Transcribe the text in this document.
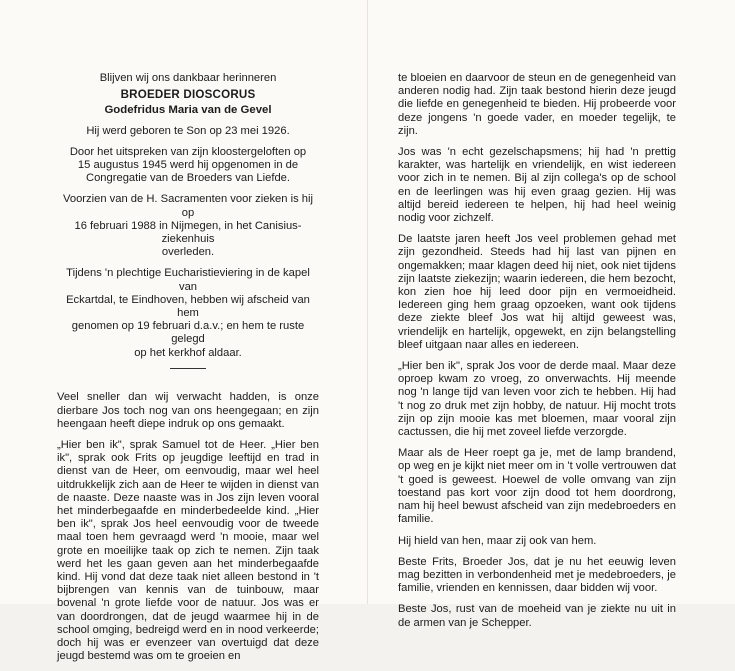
Blijven wij ons dankbaar herinneren

BROEDER DIOSCORUS

Godefridus Maria van de Gevel

Hij werd geboren te Son op 23 mei 1926.

Door het uitspreken van zijn kloostergeloften op
15 augustus 1945 werd hij opgenomen in de
Congregatie van de Broeders van Liefde.

Voorzien van de H. Sacramenten voor zieken is hij op
16 februari 1988 in Nijmegen, in het Canisius-ziekenhuis
overleden.

Tijdens 'n plechtige Eucharistieviering in de kapel van
Eckartdal, te Eindhoven, hebben wij afscheid van hem
genomen op 19 februari d.a.v.; en hem te ruste gelegd
op het kerkhof aldaar.

Veel sneller dan wij verwacht hadden, is onze dierbare Jos toch nog van ons heengegaan; en zijn heengaan heeft diepe indruk op ons gemaakt.

„Hier ben ik", sprak Samuel tot de Heer. „Hier ben ik", sprak ook Frits op jeugdige leeftijd en trad in dienst van de Heer, om eenvoudig, maar wel heel uitdrukkelijk zich aan de Heer te wijden in dienst van de naaste. Deze naaste was in Jos zijn leven vooral het minderbegaafde en minderbedeelde kind. „Hier ben ik", sprak Jos heel eenvoudig voor de tweede maal toen hem gevraagd werd 'n mooie, maar wel grote en moeilijke taak op zich te nemen. Zijn taak werd het les gaan geven aan het minderbegaafde kind. Hij vond dat deze taak niet alleen bestond in 't bijbrengen van kennis van de tuinbouw, maar bovenal 'n grote liefde voor de natuur. Jos was er van doordrongen, dat de jeugd waarmee hij in de school omging, bedreigd werd en in nood verkeerde; doch hij was er evenzeer van overtuigd dat deze jeugd bestemd was om te groeien en

te bloeien en daarvoor de steun en de genegenheid van anderen nodig had. Zijn taak bestond hierin deze jeugd die liefde en genegenheid te bieden. Hij probeerde voor deze jongens 'n goede vader, en moeder tegelijk, te zijn.

Jos was 'n echt gezelschapsmens; hij had 'n prettig karakter, was hartelijk en vriendelijk, en wist iedereen voor zich in te nemen. Bij al zijn collega's op de school en de leerlingen was hij even graag gezien. Hij was altijd bereid iedereen te helpen, hij had heel weinig nodig voor zichzelf.

De laatste jaren heeft Jos veel problemen gehad met zijn gezondheid. Steeds had hij last van pijnen en ongemakken; maar klagen deed hij niet, ook niet tijdens zijn laatste ziekezijn; waarin iedereen, die hem bezocht, kon zien hoe hij leed door pijn en vermoeidheid. Iedereen ging hem graag opzoeken, want ook tijdens deze ziekte bleef Jos wat hij altijd geweest was, vriendelijk en hartelijk, opgewekt, en zijn belangstelling bleef uitgaan naar alles en iedereen.

„Hier ben ik", sprak Jos voor de derde maal. Maar deze oproep kwam zo vroeg, zo onverwachts. Hij meende nog 'n lange tijd van leven voor zich te hebben. Hij had 't nog zo druk met zijn hobby, de natuur. Hij mocht trots zijn op zijn mooie kas met bloemen, maar vooral zijn cactussen, die hij met zoveel liefde verzorgde.

Maar als de Heer roept ga je, met de lamp brandend, op weg en je kijkt niet meer om in 't volle vertrouwen dat 't goed is geweest. Hoewel de volle omvang van zijn toestand pas kort voor zijn dood tot hem doordrong, nam hij heel bewust afscheid van zijn medebroeders en familie.

Hij hield van hen, maar zij ook van hem.

Beste Frits, Broeder Jos, dat je nu het eeuwig leven mag bezitten in verbondenheid met je medebroeders, je familie, vrienden en kennissen, daar bidden wij voor.

Beste Jos, rust van de moeheid van je ziekte nu uit in de armen van je Schepper.
